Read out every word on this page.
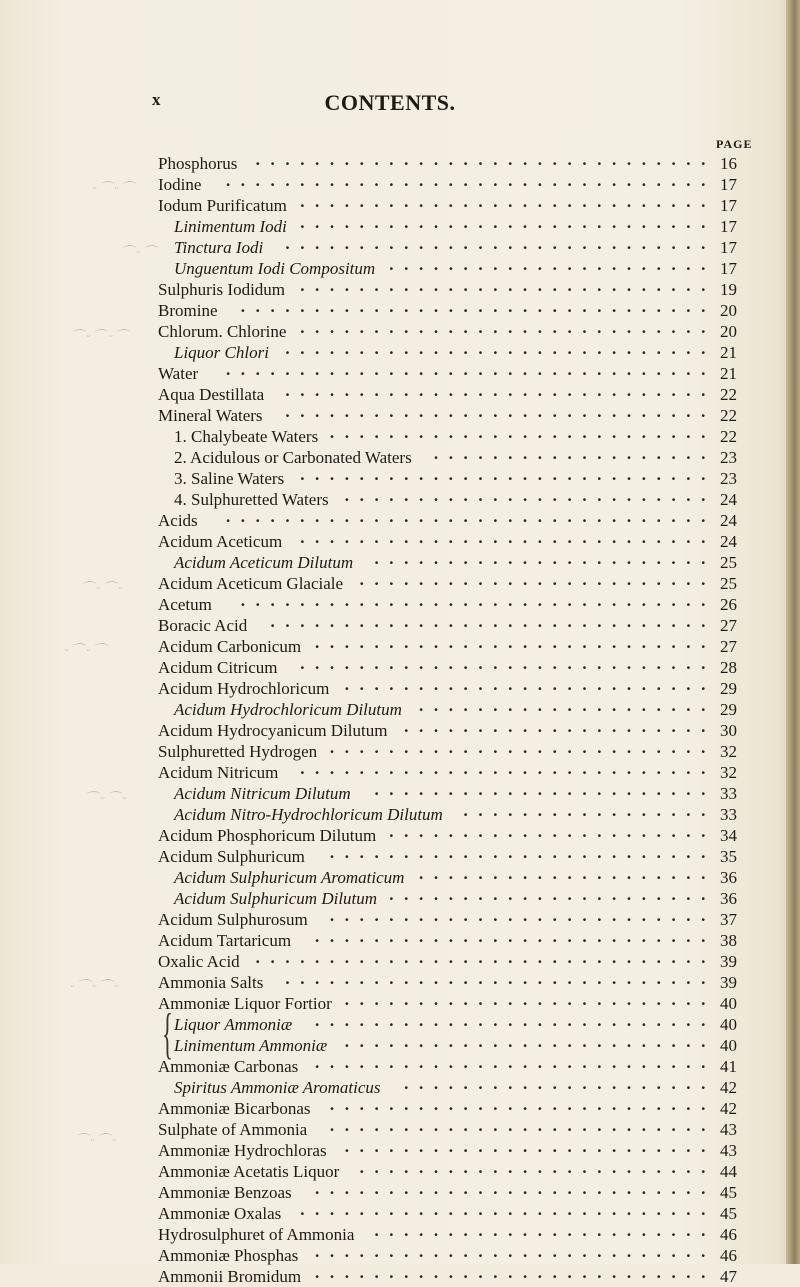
x	CONTENTS.
PAGE
ᵕ⌒ᵕ⌒
⌒ᵕ⌒
⌒ᵕ⌒ᵕ⌒
⌒ᵕ⌒ᵕ
ᵕ⌒ᵕ⌒
⌒ᵕ⌒ᵕ
ᵕ⌒ᵕ⌒ᵕ
⌒ᵕ⌒ᵕ
{
Phosphorus	............................... 16
Iodine	................................. 17
Iodum Purificatum ............................ 17
Linimentum Iodi ............................ 17
Tinctura Iodi	............................. 17
Unguentum Iodi Compositum ...................... 17
Sulphuris Iodidum ............................ 19
Bromine	................................ 20
Chlorum. Chlorine ............................ 20
Liquor Chlori ............................. 21
Water	................................. 21
Aqua Destillata	............................. 22
Mineral Waters	............................. 22
1. Chalybeate Waters .......................... 22
2. Acidulous or Carbonated Waters	................... 23
3. Saline Waters ............................ 23
4. Sulphuretted Waters ......................... 24
Acids	................................. 24
Acidum Aceticum	............................ 24
Acidum Aceticum Dilutum	....................... 25
Acidum Aceticum Glaciale ........................ 25
Acetum	................................ 26
Boracic Acid	.............................. 27
Acidum Carbonicum ........................... 27
Acidum Citricum	............................ 28
Acidum Hydrochloricum ......................... 29
Acidum Hydrochloricum Dilutum	.................... 29
Acidum Hydrocyanicum Dilutum ..................... 30
Sulphuretted Hydrogen .......................... 32
Acidum Nitricum	............................ 32
Acidum Nitricum Dilutum	....................... 33
Acidum Nitro-Hydrochloricum Dilutum	................. 33
Acidum Phosphoricum Dilutum ...................... 34
Acidum Sulphuricum	.......................... 35
Acidum Sulphuricum Aromaticum .................... 36
Acidum Sulphuricum Dilutum ...................... 36
Acidum Sulphurosum	.......................... 37
Acidum Tartaricum	........................... 38
Oxalic Acid ............................... 39
Ammonia Salts	............................. 39
Ammoniæ Liquor Fortior ......................... 40
Liquor Ammoniæ	........................... 40
Linimentum Ammoniæ	......................... 40
Ammoniæ Carbonas ........................... 41
Spiritus Ammoniæ Aromaticus	..................... 42
Ammoniæ Bicarbonas	.......................... 42
Sulphate of Ammonia	.......................... 43
Ammoniæ Hydrochloras	......................... 43
Ammoniæ Acetatis Liquor	........................ 44
Ammoniæ Benzoas	........................... 45
Ammoniæ Oxalas	............................ 45
Hydrosulphuret of Ammonia	....................... 46
Ammoniæ Phosphas ........................... 46
Ammonii Bromidum ........................... 47
